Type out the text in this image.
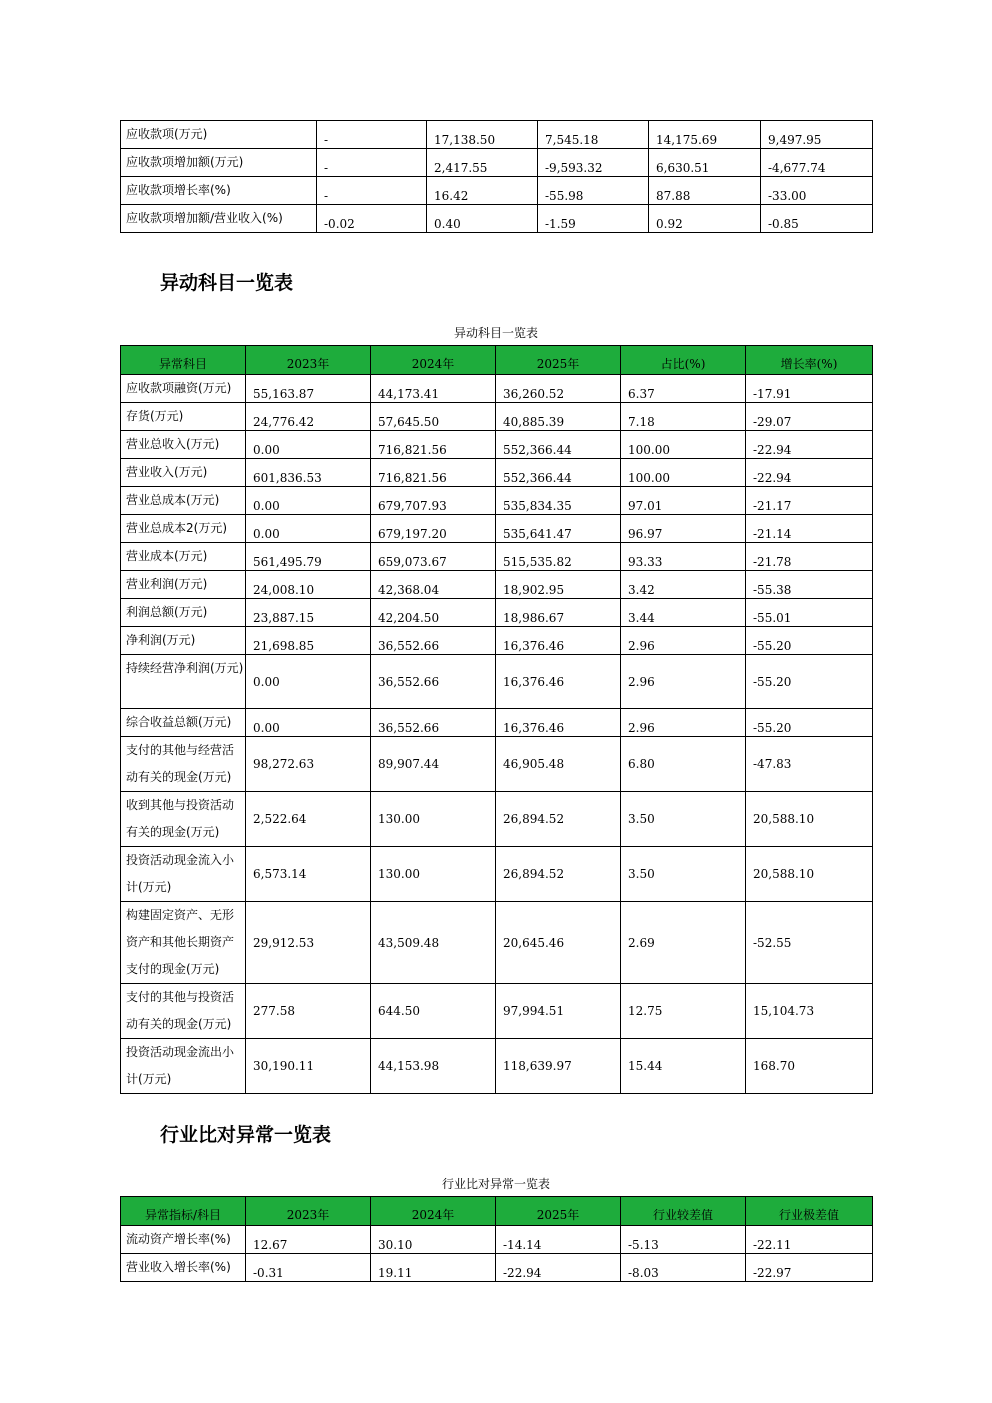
应收款项(万元)	-	17,138.50	7,545.18	14,175.69	9,497.95
应收款项增加额(万元)	-	2,417.55	-9,593.32	6,630.51	-4,677.74
应收款项增长率(%)	-	16.42	-55.98	87.88	-33.00
应收款项增加额/营业收入(%)	-0.02	0.40	-1.59	0.92	-0.85
异动科目一览表
异动科目一览表
异常科目	2023年	2024年	2025年	占比(%)	增长率(%)
应收款项融资(万元)	55,163.87	44,173.41	36,260.52	6.37	-17.91
存货(万元)	24,776.42	57,645.50	40,885.39	7.18	-29.07
营业总收入(万元)	0.00	716,821.56	552,366.44	100.00	-22.94
营业收入(万元)	601,836.53	716,821.56	552,366.44	100.00	-22.94
营业总成本(万元)	0.00	679,707.93	535,834.35	97.01	-21.17
营业总成本2(万元)	0.00	679,197.20	535,641.47	96.97	-21.14
营业成本(万元)	561,495.79	659,073.67	515,535.82	93.33	-21.78
营业利润(万元)	24,008.10	42,368.04	18,902.95	3.42	-55.38
利润总额(万元)	23,887.15	42,204.50	18,986.67	3.44	-55.01
净利润(万元)	21,698.85	36,552.66	16,376.46	2.96	-55.20
持续经营净利润(万元)	0.00	36,552.66	16,376.46	2.96	-55.20
综合收益总额(万元)	0.00	36,552.66	16,376.46	2.96	-55.20
支付的其他与经营活动有关的现金(万元)	98,272.63	89,907.44	46,905.48	6.80	-47.83
收到其他与投资活动有关的现金(万元)	2,522.64	130.00	26,894.52	3.50	20,588.10
投资活动现金流入小计(万元)	6,573.14	130.00	26,894.52	3.50	20,588.10
构建固定资产、无形资产和其他长期资产支付的现金(万元)	29,912.53	43,509.48	20,645.46	2.69	-52.55
支付的其他与投资活动有关的现金(万元)	277.58	644.50	97,994.51	12.75	15,104.73
投资活动现金流出小计(万元)	30,190.11	44,153.98	118,639.97	15.44	168.70
行业比对异常一览表
行业比对异常一览表
异常指标/科目	2023年	2024年	2025年	行业较差值	行业极差值
流动资产增长率(%)	12.67	30.10	-14.14	-5.13	-22.11
营业收入增长率(%)	-0.31	19.11	-22.94	-8.03	-22.97
